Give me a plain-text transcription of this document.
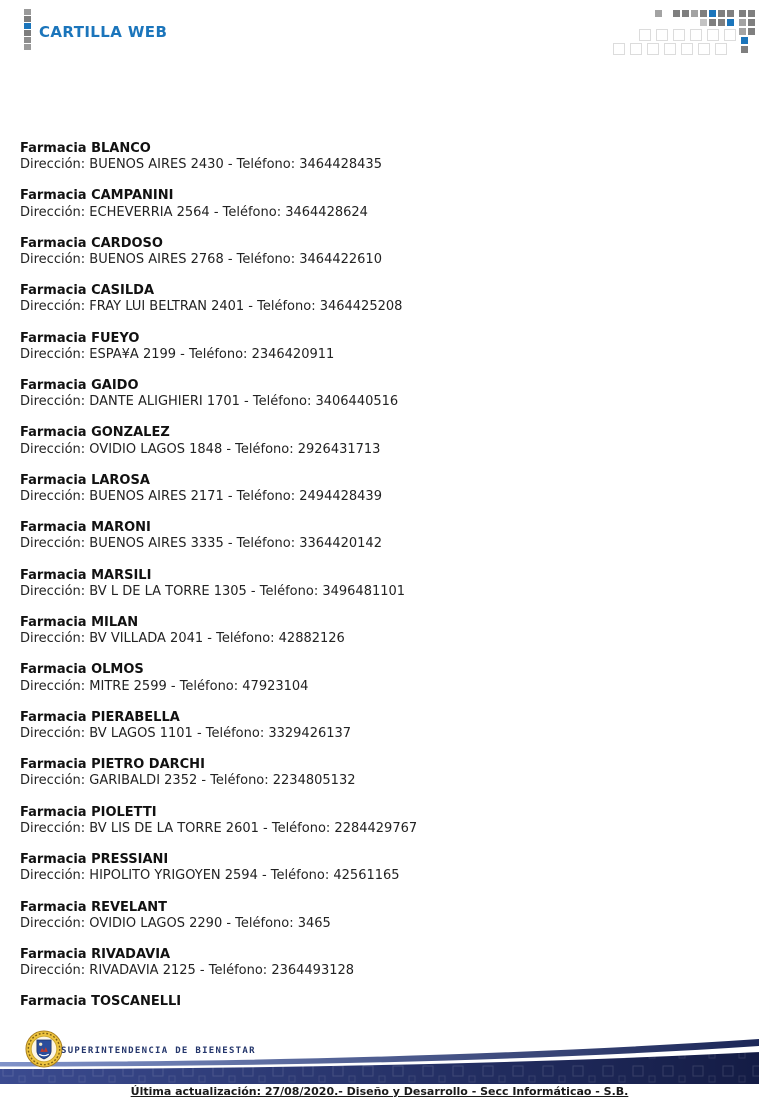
CARTILLA WEB
Farmacia BLANCO
Dirección: BUENOS AIRES 2430 - Teléfono: 3464428435
Farmacia CAMPANINI
Dirección: ECHEVERRIA 2564 - Teléfono: 3464428624
Farmacia CARDOSO
Dirección: BUENOS AIRES 2768 - Teléfono: 3464422610
Farmacia CASILDA
Dirección: FRAY LUI BELTRAN 2401 - Teléfono: 3464425208
Farmacia FUEYO
Dirección: ESPA¥A 2199 - Teléfono: 2346420911
Farmacia GAIDO
Dirección: DANTE ALIGHIERI 1701 - Teléfono: 3406440516
Farmacia GONZALEZ
Dirección: OVIDIO LAGOS 1848 - Teléfono: 2926431713
Farmacia LAROSA
Dirección: BUENOS AIRES 2171 - Teléfono: 2494428439
Farmacia MARONI
Dirección: BUENOS AIRES 3335 - Teléfono: 3364420142
Farmacia MARSILI
Dirección: BV L DE LA TORRE 1305 - Teléfono: 3496481101
Farmacia MILAN
Dirección: BV VILLADA 2041 - Teléfono: 42882126
Farmacia OLMOS
Dirección: MITRE 2599 - Teléfono: 47923104
Farmacia PIERABELLA
Dirección: BV LAGOS 1101 - Teléfono: 3329426137
Farmacia PIETRO DARCHI
Dirección: GARIBALDI 2352 - Teléfono: 2234805132
Farmacia PIOLETTI
Dirección: BV LIS DE LA TORRE 2601 - Teléfono: 2284429767
Farmacia PRESSIANI
Dirección: HIPOLITO YRIGOYEN 2594 - Teléfono: 42561165
Farmacia REVELANT
Dirección: OVIDIO LAGOS 2290 - Teléfono: 3465
Farmacia RIVADAVIA
Dirección: RIVADAVIA 2125 - Teléfono: 2364493128
Farmacia TOSCANELLI
SUPERINTENDENCIA DE BIENESTAR
Última actualización: 27/08/2020.- Diseño y Desarrollo - Secc Informáticao - S.B.
